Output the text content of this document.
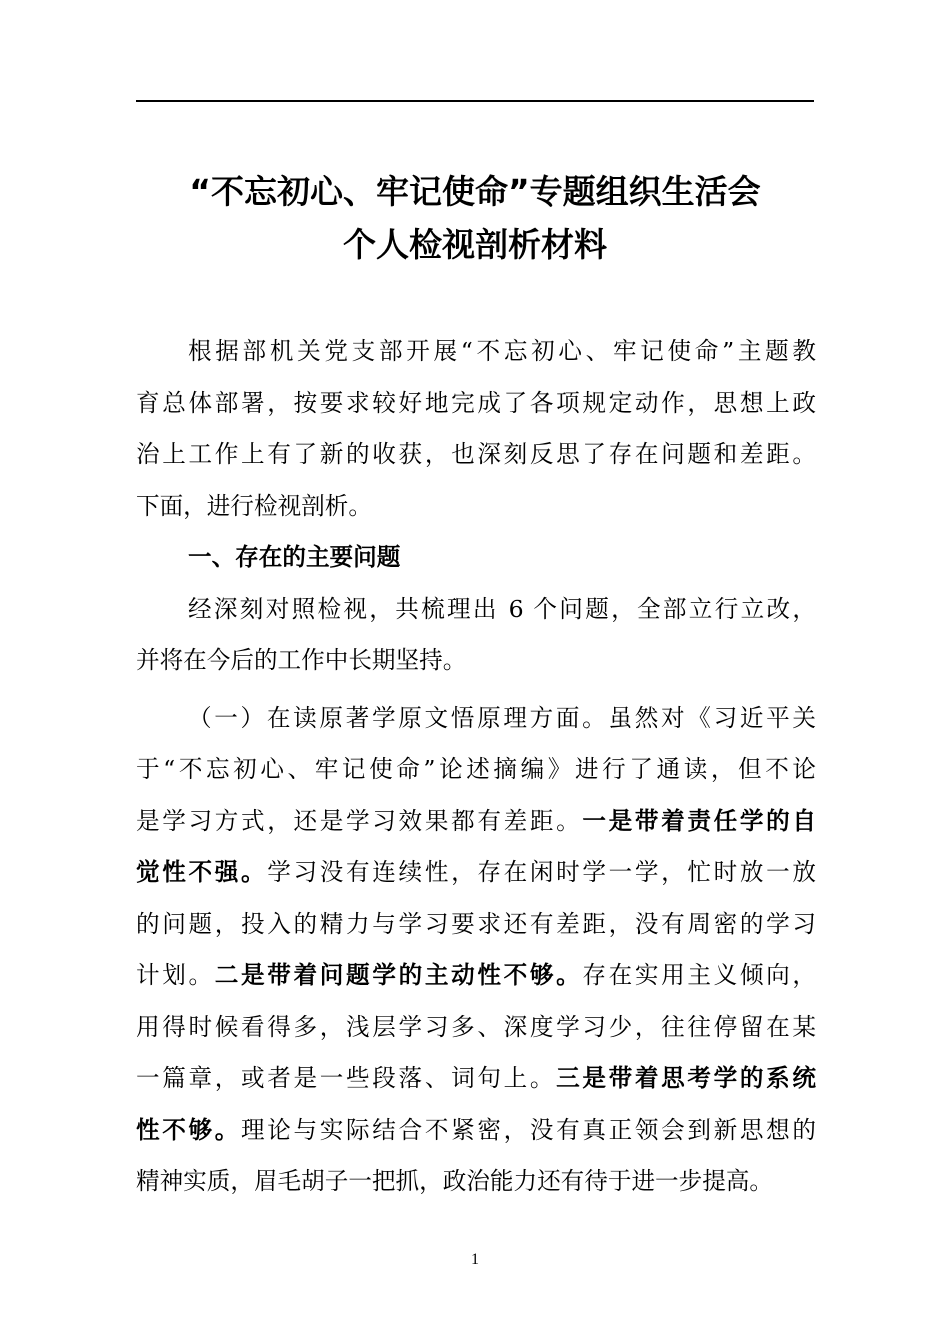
“不忘初心、牢记使命”专题组织生活会
个人检视剖析材料
根据部机关党支部开展“不忘初心、牢记使命”主题教
育总体部署，按要求较好地完成了各项规定动作，思想上政
治上工作上有了新的收获，也深刻反思了存在问题和差距。
下面，进行检视剖析。
一、存在的主要问题
经深刻对照检视，共梳理出 6 个问题，全部立行立改，
并将在今后的工作中长期坚持。
（一）在读原著学原文悟原理方面。虽然对《习近平关
于“不忘初心、牢记使命”论述摘编》进行了通读，但不论
是学习方式，还是学习效果都有差距。一是带着责任学的自
觉性不强。学习没有连续性，存在闲时学一学，忙时放一放
的问题，投入的精力与学习要求还有差距，没有周密的学习
计划。二是带着问题学的主动性不够。存在实用主义倾向，
用得时候看得多，浅层学习多、深度学习少，往往停留在某
一篇章，或者是一些段落、词句上。三是带着思考学的系统
性不够。理论与实际结合不紧密，没有真正领会到新思想的
精神实质，眉毛胡子一把抓，政治能力还有待于进一步提高。
1
